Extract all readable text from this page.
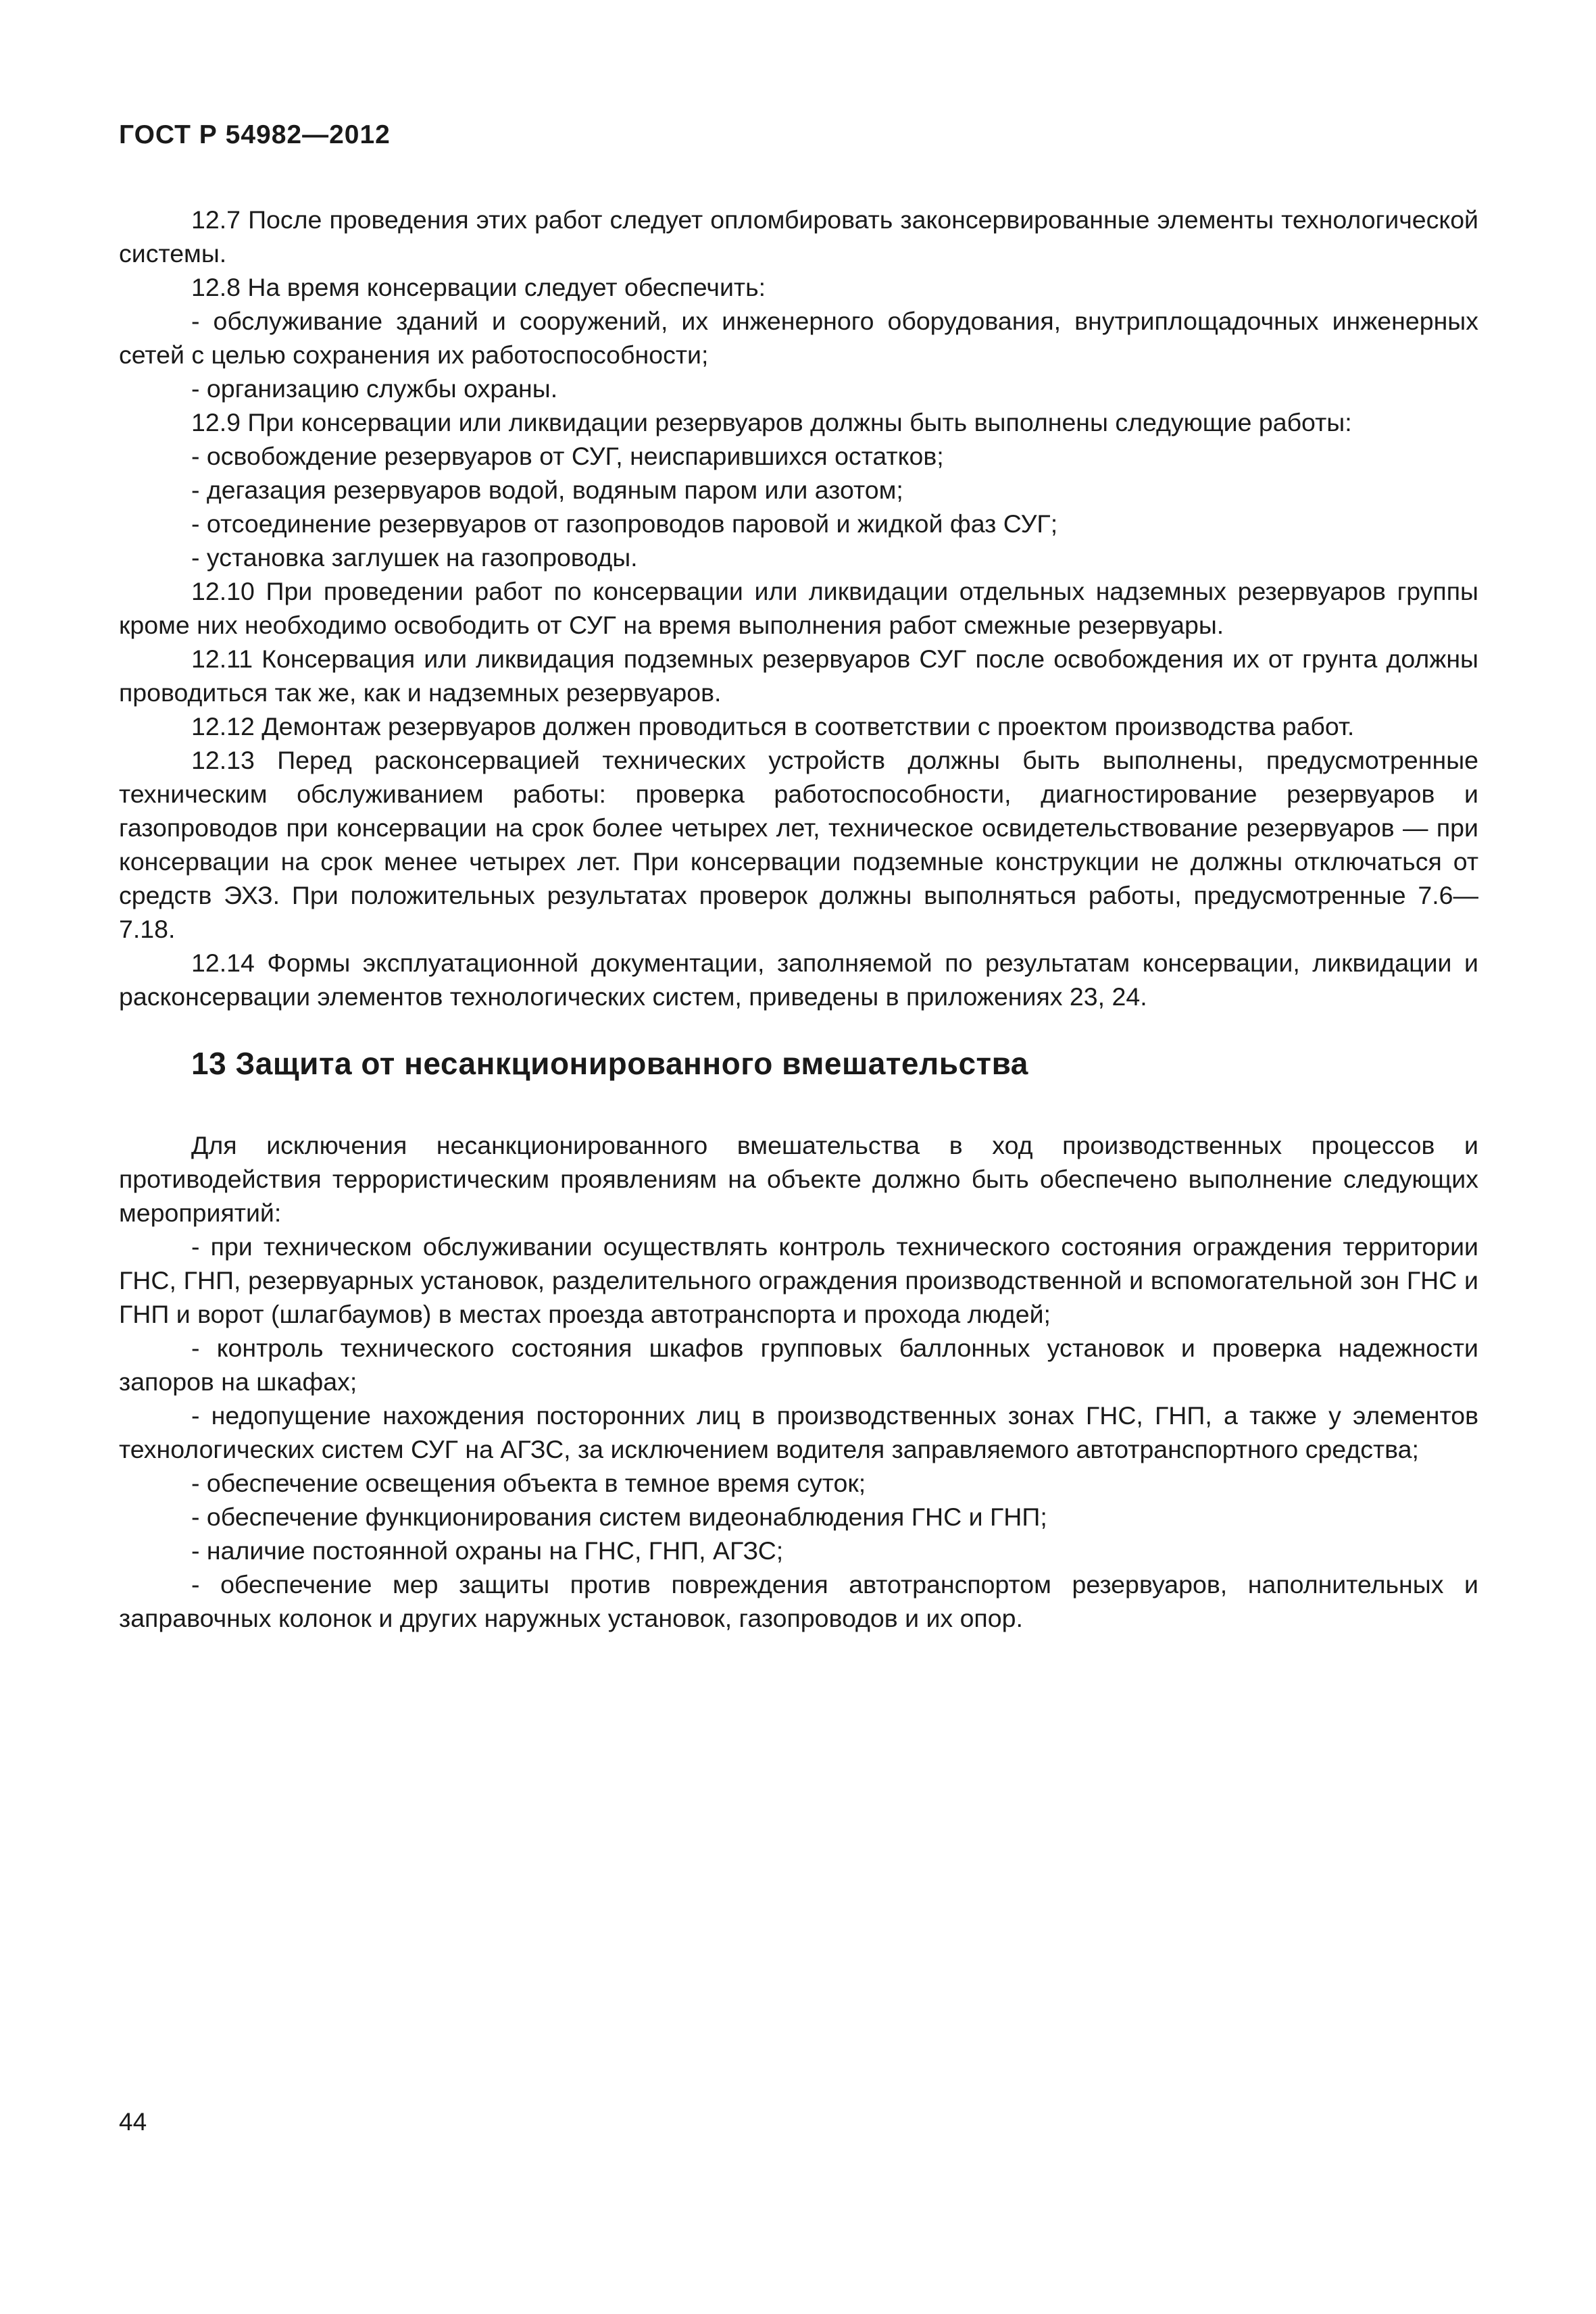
ГОСТ Р 54982—2012

12.7 После проведения этих работ следует опломбировать законсервированные элементы технологической системы.

12.8 На время консервации следует обеспечить:

- обслуживание зданий и сооружений, их инженерного оборудования, внутриплощадочных инженерных сетей с целью сохранения их работоспособности;

- организацию службы охраны.

12.9 При консервации или ликвидации резервуаров должны быть выполнены следующие работы:

- освобождение резервуаров от СУГ, неиспарившихся остатков;

- дегазация резервуаров водой, водяным паром или азотом;

- отсоединение резервуаров от газопроводов паровой и жидкой фаз СУГ;

- установка заглушек на газопроводы.

12.10 При проведении работ по консервации или ликвидации отдельных надземных резервуаров группы кроме них необходимо освободить от СУГ на время выполнения работ смежные резервуары.

12.11 Консервация или ликвидация подземных резервуаров СУГ после освобождения их от грунта должны проводиться так же, как и надземных резервуаров.

12.12 Демонтаж резервуаров должен проводиться в соответствии с проектом производства работ.

12.13 Перед расконсервацией технических устройств должны быть выполнены, предусмотренные техническим обслуживанием работы: проверка работоспособности, диагностирование резервуаров и газопроводов при консервации на срок более четырех лет, техническое освидетельствование резервуаров — при консервации на срок менее четырех лет. При консервации подземные конструкции не должны отключаться от средств ЭХЗ. При положительных результатах проверок должны выполняться работы, предусмотренные 7.6—7.18.

12.14 Формы эксплуатационной документации, заполняемой по результатам консервации, ликвидации и расконсервации элементов технологических систем, приведены в приложениях 23, 24.

13 Защита от несанкционированного вмешательства

Для исключения несанкционированного вмешательства в ход производственных процессов и противодействия террористическим проявлениям на объекте должно быть обеспечено выполнение следующих мероприятий:

- при техническом обслуживании осуществлять контроль технического состояния ограждения территории ГНС, ГНП, резервуарных установок, разделительного ограждения производственной и вспомогательной зон ГНС и ГНП и ворот (шлагбаумов) в местах проезда автотранспорта и прохода людей;

- контроль технического состояния шкафов групповых баллонных установок и проверка надежности запоров на шкафах;

- недопущение нахождения посторонних лиц в производственных зонах ГНС, ГНП, а также у элементов технологических систем СУГ на АГЗС, за исключением водителя заправляемого автотранспортного средства;

- обеспечение освещения объекта в темное время суток;

- обеспечение функционирования систем видеонаблюдения ГНС и ГНП;

- наличие постоянной охраны на ГНС, ГНП, АГЗС;

- обеспечение мер защиты против повреждения автотранспортом резервуаров, наполнительных и заправочных колонок и других наружных установок, газопроводов и их опор.

44
